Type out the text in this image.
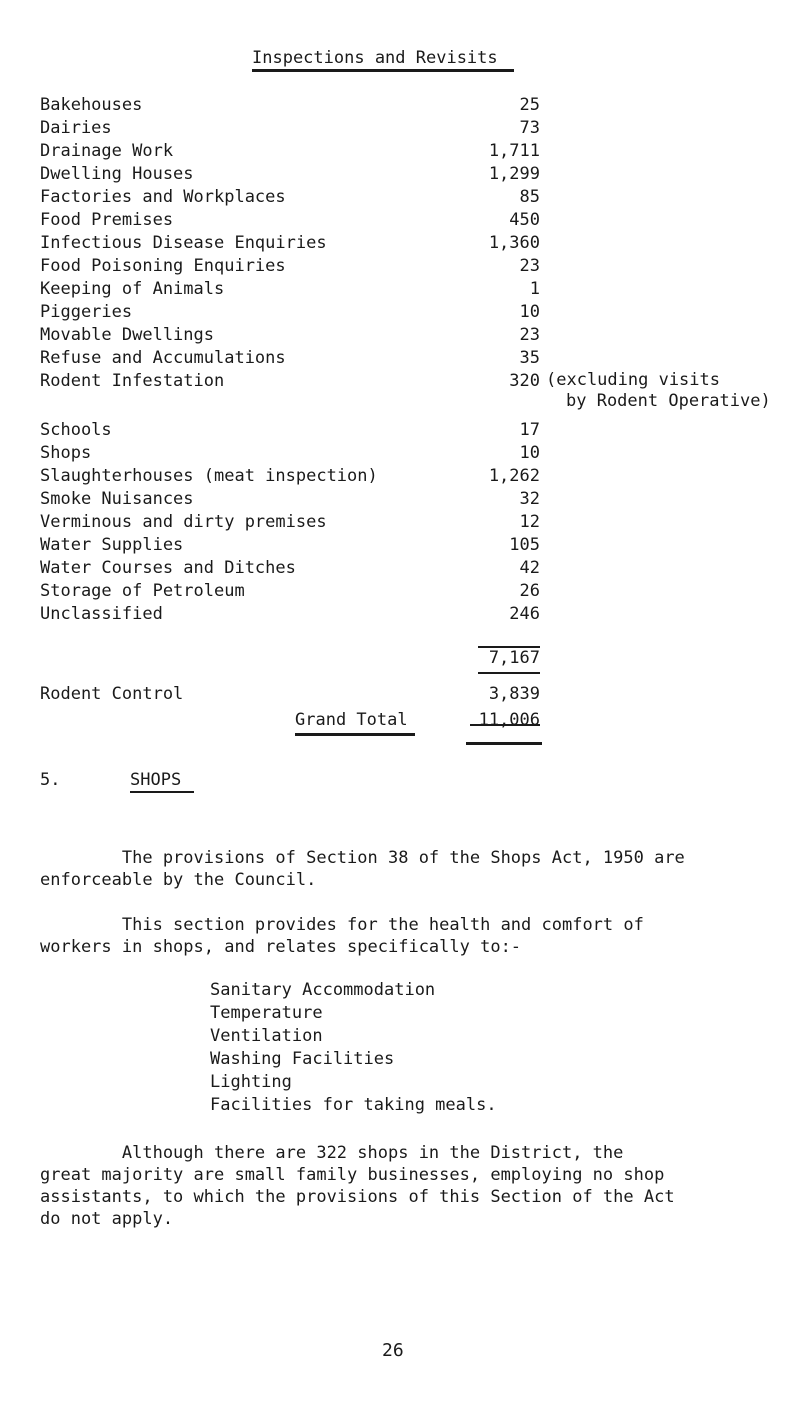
Inspections and Revisits
Bakehouses	25
Dairies	73
Drainage Work	1,711
Dwelling Houses	1,299
Factories and Workplaces	85
Food Premises	450
Infectious Disease Enquiries	1,360
Food Poisoning Enquiries	23
Keeping of Animals	1
Piggeries	10
Movable Dwellings	23
Refuse and Accumulations	35
Rodent Infestation	320 (excluding visits
by Rodent Operative)
Schools	17
Shops	10
Slaughterhouses (meat inspection)	1,262
Smoke Nuisances	32
Verminous and dirty premises	12
Water Supplies	105
Water Courses and Ditches	42
Storage of Petroleum	26
Unclassified	246
7,167
Rodent Control	3,839
Grand Total	11,006
5.	SHOPS
The provisions of Section 38 of the Shops Act, 1950 are
enforceable by the Council.
This section provides for the health and comfort of
workers in shops, and relates specifically to:-
Sanitary Accommodation
Temperature
Ventilation
Washing Facilities
Lighting
Facilities for taking meals.
Although there are 322 shops in the District, the
great majority are small family businesses, employing no shop
assistants, to which the provisions of this Section of the Act
do not apply.
26
